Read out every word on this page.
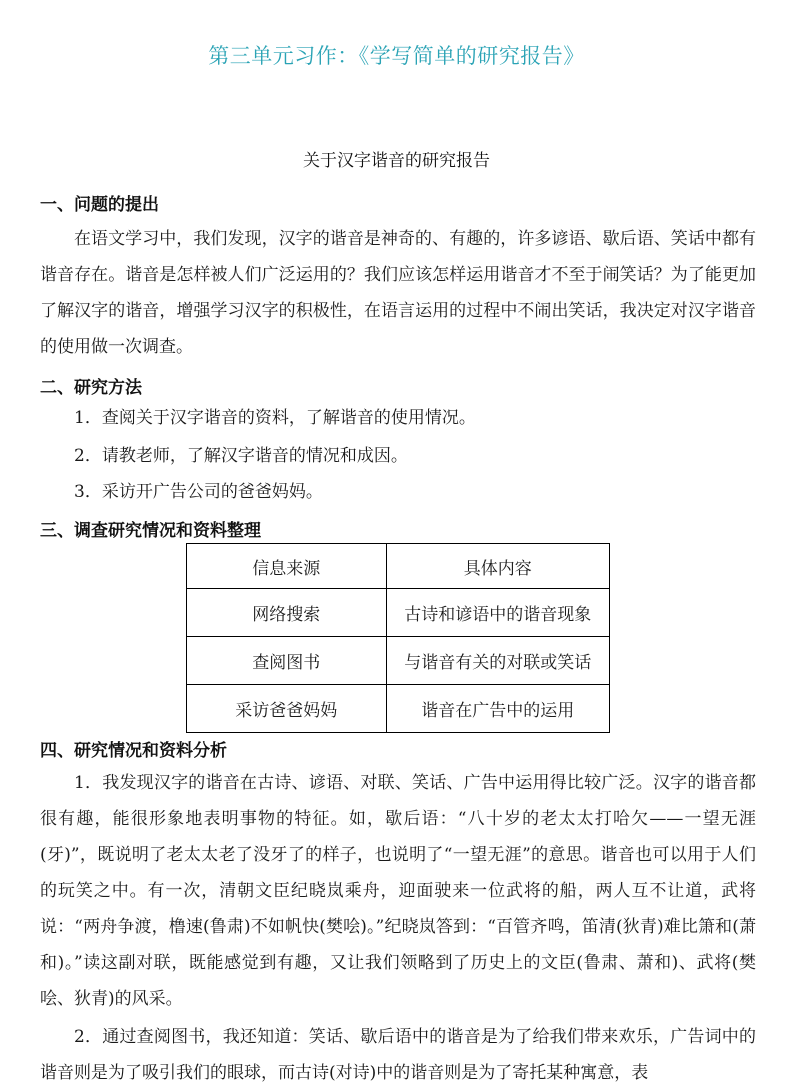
第三单元习作：《学写简单的研究报告》
关于汉字谐音的研究报告
一、问题的提出

在语文学习中，我们发现，汉字的谐音是神奇的、有趣的，许多谚语、歇后语、笑话中都有谐音存在。谐音是怎样被人们广泛运用的？我们应该怎样运用谐音才不至于闹笑话？为了能更加了解汉字的谐音，增强学习汉字的积极性，在语言运用的过程中不闹出笑话，我决定对汉字谐音的使用做一次调查。

二、研究方法
1．查阅关于汉字谐音的资料，了解谐音的使用情况。
2．请教老师，了解汉字谐音的情况和成因。
3．采访开广告公司的爸爸妈妈。
三、调查研究情况和资料整理
信息来源	具体内容
网络搜索	古诗和谚语中的谐音现象
查阅图书	与谐音有关的对联或笑话
采访爸爸妈妈	谐音在广告中的运用
四、研究情况和资料分析

1．我发现汉字的谐音在古诗、谚语、对联、笑话、广告中运用得比较广泛。汉字的谐音都很有趣，能很形象地表明事物的特征。如，歇后语：“八十岁的老太太打哈欠——一望无涯(牙)”，既说明了老太太老了没牙了的样子，也说明了“一望无涯”的意思。谐音也可以用于人们的玩笑之中。有一次，清朝文臣纪晓岚乘舟，迎面驶来一位武将的船，两人互不让道，武将说：“两舟争渡，橹速(鲁肃)不如帆快(樊哙)。”纪晓岚答到：“百管齐鸣，笛清(狄青)难比箫和(萧和)。”读这副对联，既能感觉到有趣，又让我们领略到了历史上的文臣(鲁肃、萧和)、武将(樊哙、狄青)的风采。

2．通过查阅图书，我还知道：笑话、歇后语中的谐音是为了给我们带来欢乐，广告词中的谐音则是为了吸引我们的眼球，而古诗(对诗)中的谐音则是为了寄托某种寓意，表
